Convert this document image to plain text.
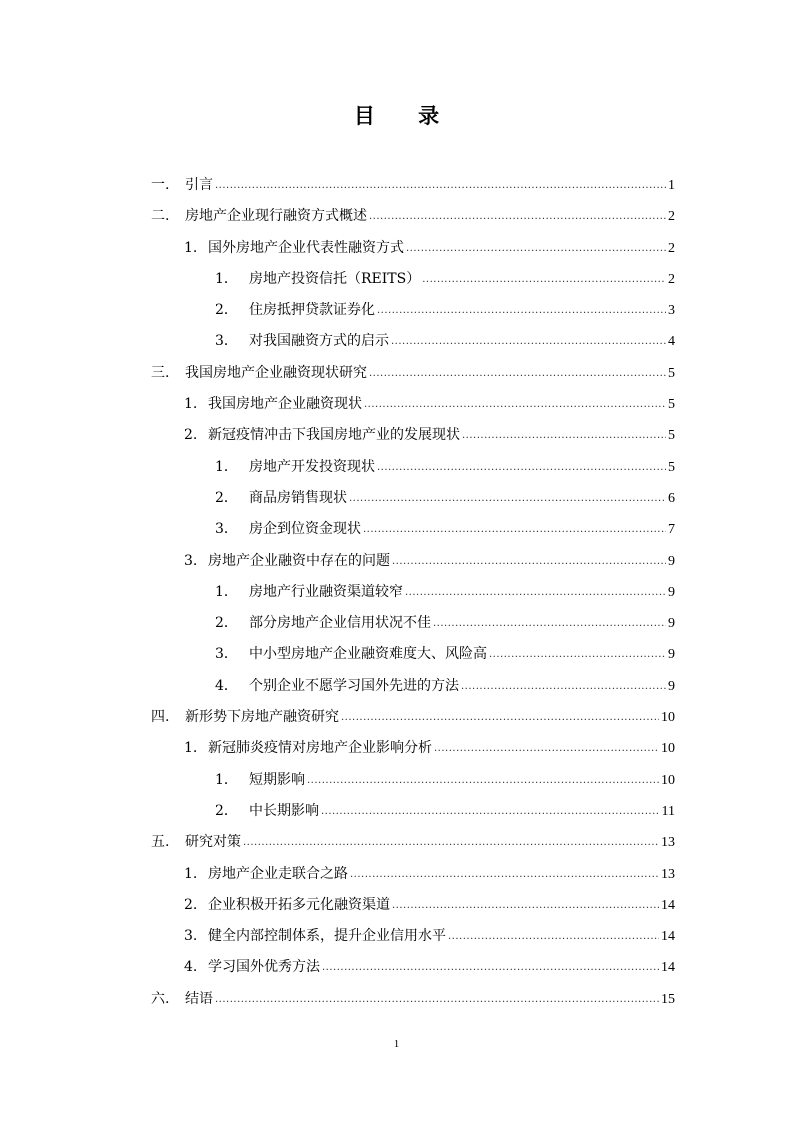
目 录
一.	引言 .....	1
二.	房地产企业现行融资方式概述 .....	2
1. 国外房地产企业代表性融资方式 .....	2
1． 房地产投资信托（REITS） .....	2
2． 住房抵押贷款证券化 .....	3
3． 对我国融资方式的启示 .....	4
三.	我国房地产企业融资现状研究 .....	5
1. 我国房地产企业融资现状 .....	5
2. 新冠疫情冲击下我国房地产业的发展现状 .....	5
1． 房地产开发投资现状 .....	5
2． 商品房销售现状 .....	6
3． 房企到位资金现状 .....	7
3. 房地产企业融资中存在的问题 .....	9
1． 房地产行业融资渠道较窄 .....	9
2． 部分房地产企业信用状况不佳 .....	9
3． 中小型房地产企业融资难度大、风险高 .....	9
4． 个别企业不愿学习国外先进的方法 .....	9
四.	新形势下房地产融资研究 .....	10
1. 新冠肺炎疫情对房地产企业影响分析 .....	10
1． 短期影响 .....	10
2． 中长期影响 .....	11
五.	研究对策 .....	13
1. 房地产企业走联合之路 .....	13
2. 企业积极开拓多元化融资渠道 .....	14
3. 健全内部控制体系，提升企业信用水平 .....	14
4. 学习国外优秀方法 .....	14
六.	结语 .....	15
1
